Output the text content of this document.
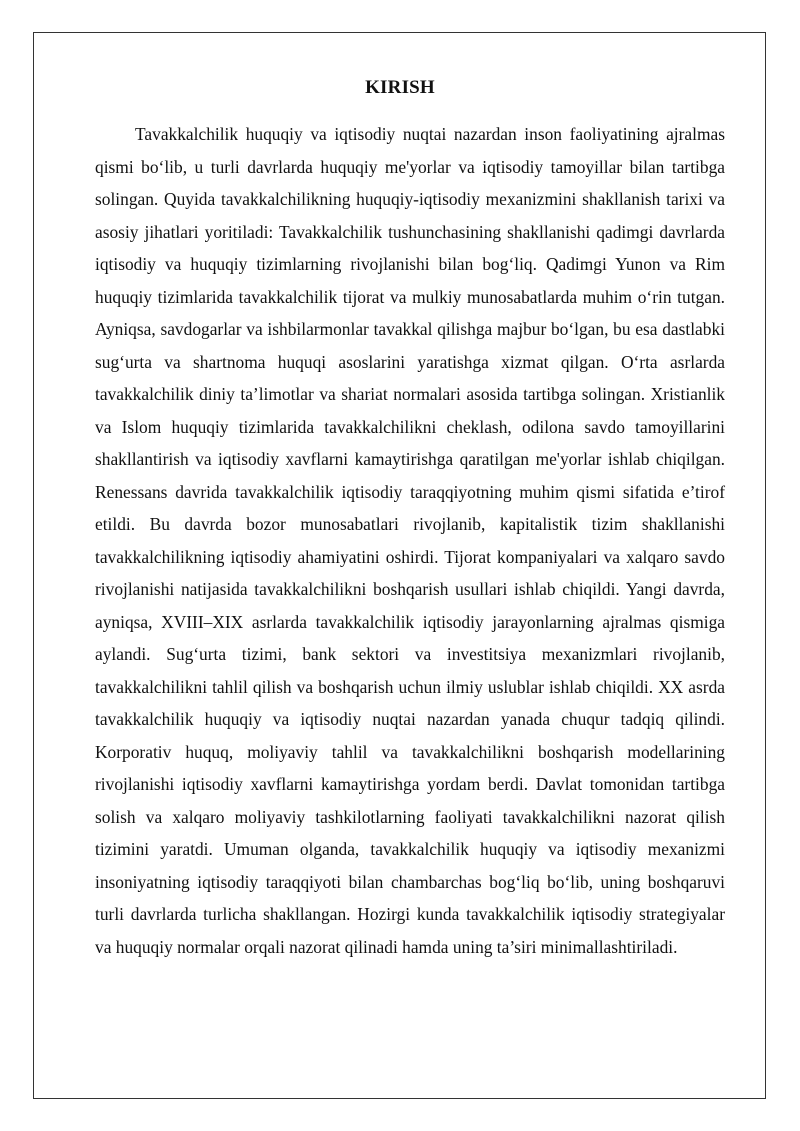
KIRISH

Tavakkalchilik huquqiy va iqtisodiy nuqtai nazardan inson faoliyatining ajralmas qismi bo‘lib, u turli davrlarda huquqiy me'yorlar va iqtisodiy tamoyillar bilan tartibga solingan. Quyida tavakkalchilikning huquqiy-iqtisodiy mexanizmini shakllanish tarixi va asosiy jihatlari yoritiladi: Tavakkalchilik tushunchasining shakllanishi qadimgi davrlarda iqtisodiy va huquqiy tizimlarning rivojlanishi bilan bog‘liq. Qadimgi Yunon va Rim huquqiy tizimlarida tavakkalchilik tijorat va mulkiy munosabatlarda muhim o‘rin tutgan. Ayniqsa, savdogarlar va ishbilarmonlar tavakkal qilishga majbur bo‘lgan, bu esa dastlabki sug‘urta va shartnoma huquqi asoslarini yaratishga xizmat qilgan. O‘rta asrlarda tavakkalchilik diniy ta’limotlar va shariat normalari asosida tartibga solingan. Xristianlik va Islom huquqiy tizimlarida tavakkalchilikni cheklash, odilona savdo tamoyillarini shakllantirish va iqtisodiy xavflarni kamaytirishga qaratilgan me'yorlar ishlab chiqilgan. Renessans davrida tavakkalchilik iqtisodiy taraqqiyotning muhim qismi sifatida e’tirof etildi. Bu davrda bozor munosabatlari rivojlanib, kapitalistik tizim shakllanishi tavakkalchilikning iqtisodiy ahamiyatini oshirdi. Tijorat kompaniyalari va xalqaro savdo rivojlanishi natijasida tavakkalchilikni boshqarish usullari ishlab chiqildi. Yangi davrda, ayniqsa, XVIII–XIX asrlarda tavakkalchilik iqtisodiy jarayonlarning ajralmas qismiga aylandi. Sug‘urta tizimi, bank sektori va investitsiya mexanizmlari rivojlanib, tavakkalchilikni tahlil qilish va boshqarish uchun ilmiy uslublar ishlab chiqildi. XX asrda tavakkalchilik huquqiy va iqtisodiy nuqtai nazardan yanada chuqur tadqiq qilindi. Korporativ huquq, moliyaviy tahlil va tavakkalchilikni boshqarish modellarining rivojlanishi iqtisodiy xavflarni kamaytirishga yordam berdi. Davlat tomonidan tartibga solish va xalqaro moliyaviy tashkilotlarning faoliyati tavakkalchilikni nazorat qilish tizimini yaratdi. Umuman olganda, tavakkalchilik huquqiy va iqtisodiy mexanizmi insoniyatning iqtisodiy taraqqiyoti bilan chambarchas bog‘liq bo‘lib, uning boshqaruvi turli davrlarda turlicha shakllangan. Hozirgi kunda tavakkalchilik iqtisodiy strategiyalar va huquqiy normalar orqali nazorat qilinadi hamda uning ta’siri minimallashtiriladi.
